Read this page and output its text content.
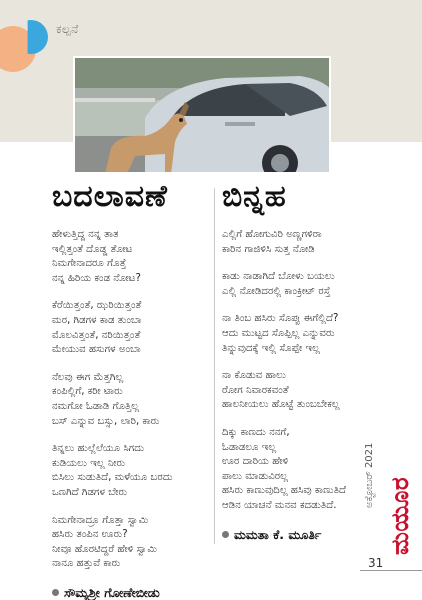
ಕಲ್ಪನೆ
ಬದಲಾವಣೆ
ಹೇಳುತ್ತಿದ್ದ ನನ್ನ ತಾತ
ಇಲ್ಲಿತ್ತಂತೆ ದೊಡ್ಡ ತೋಟ
ನಿಮಗೇನಾದರೂ ಗೊತ್ತೆ
ನನ್ನ ಹಿರಿಯ ಕಂಡ ನೋಟ?
ಕೆರೆಯಿತ್ತಂತೆ, ಝರಿಯಿತ್ತಂತೆ
ಮರ, ಗಿಡಗಳ ಕಾಡ ತುಂಬಾ
ಮೊಲವಿತ್ತಂತೆ, ನರಿಯಿತ್ತಂತೆ
ಮೇಯುವ ಹಸುಗಳ ಅಂಬಾ
ನೆಲವು ಈಗ ಮೆತ್ತಗಿಲ್ಲ
ಕಂಪಿಲ್ಲಿಗೆ, ಕರೀ ಟಾರು
ನಮಗೋ ಓಡಾಡಿ ಗೊತ್ತಿಲ್ಲ
ಬಸ್ ಎನ್ನುವ ಬಸ್ಸು, ಲಾರಿ, ಕಾರು
ತಿನ್ನಲು ಹುಲ್ಲೆಲೆಯೂ ಸಿಗದು
ಕುಡಿಯಲು ಇಲ್ಲ ನೀರು
ಬಿಸಿಲು ಸುಡುತಿದೆ, ಮಳೆಯೂ ಬರದು
ಒಣಗಿದೆ ಗಿಡಗಳ ಬೇರು
ನಿಮಗೇನಾದ್ರೂ ಗೊತ್ತಾ ಸ್ವಾಮಿ
ಹಸಿರು ತಂಪಿನ ಊರು?
ನೀವೂ ಹೊರಟಿದ್ದರೆ ಹೇಳಿ ಸ್ವಾಮಿ
ನಾನೂ ಹತ್ತುವೆ ಕಾರು
ಸೌಮ್ಯಶ್ರೀ ಗೋಣೇಬೀಡು
ಬಿನ್ನಹ
ಎಲ್ಲಿಗೆ ಹೋಗುವಿರಿ ಅಣ್ಣಗಳಿರಾ
ಕಾರಿನ ಗಾಜಿಳಿಸಿ ಸುತ್ತ ನೋಡಿ
ಕಾಡು ನಾಡಾಗಿದೆ ಬೋಳು ಬಯಲು
ಎಲ್ಲಿ ನೋಡಿದರಲ್ಲಿ ಕಾಂಕ್ರೀಟ್ ರಸ್ತೆ
ನಾ ತಿಂಬ ಹಸಿರು ಸೊಪ್ಪು ಈಗೆಲ್ಲಿದೆ?
ಆದು ಮುಟ್ಟದ ಸೊಪ್ಪಿಲ್ಲ ಎನ್ನುವರು
ತಿನ್ನುವುದಕ್ಕೆ ಇಲ್ಲಿ ಸೊಪ್ಪೇ ಇಲ್ಲ
ನಾ ಕೊಡುವ ಹಾಲು
ರೋಗ ನಿವಾರಕವಂತೆ
ಹಾಲನೀಯಲು ಹೊಟ್ಟೆ ತುಂಬಬೇಕಲ್ಲ
ದಿಕ್ಕು ಕಾಣದು ನನಗೆ,
ಓಡಾಡಲೂ ಇಲ್ಲ
ಊರ ದಾರಿಯ ಹೇಳಿ
ಪಾಲು ಮಾಡುವಿರಲ್ಲ
ಹಸಿರು ಕಾಣುವುದಿಲ್ಲ ಹಸಿವು ಕಾಣುತಿದೆ
ಆಡಿನ ಯಾಚನೆ ಮನವ ಕದಡುತಿದೆ.
ಮಮತಾ ಕೆ. ಮೂರ್ತಿ
ಅಕ್ಟೋಬರ್ 2021
ಮಯೂರ
31
